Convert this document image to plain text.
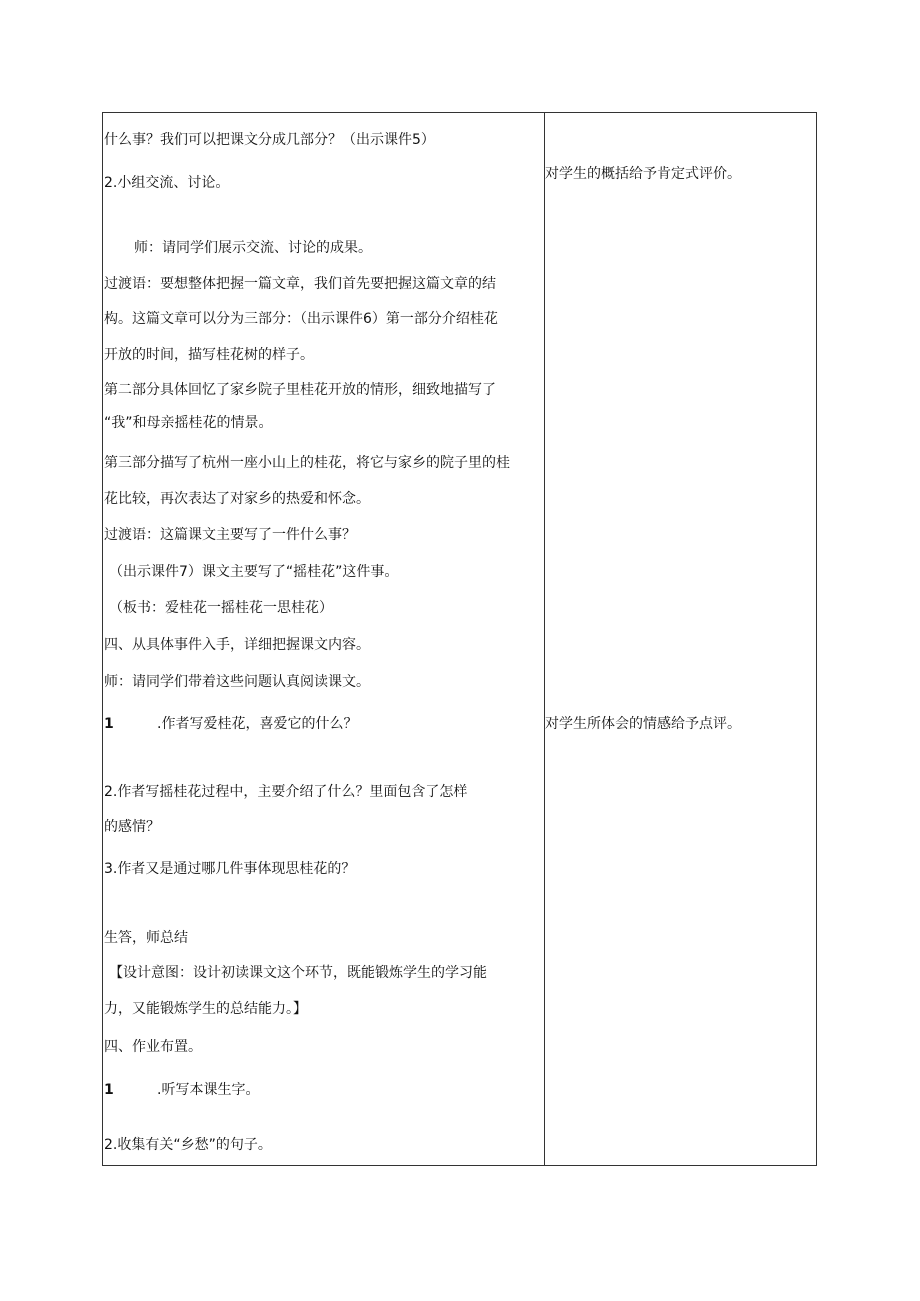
什么事？我们可以把课文分成几部分？（出示课件5）
2.小组交流、讨论。
师：请同学们展示交流、讨论的成果。
过渡语：要想整体把握一篇文章，我们首先要把握这篇文章的结
构。这篇文章可以分为三部分：（出示课件6）第一部分介绍桂花
开放的时间，描写桂花树的样子。
第二部分具体回忆了家乡院子里桂花开放的情形，细致地描写了
“我”和母亲摇桂花的情景。
第三部分描写了杭州一座小山上的桂花，将它与家乡的院子里的桂
花比较，再次表达了对家乡的热爱和怀念。
过渡语：这篇课文主要写了一件什么事？
（出示课件7）课文主要写了“摇桂花”这件事。
（板书：爱桂花一摇桂花一思桂花）
四、从具体事件入手，详细把握课文内容。
师：请同学们带着这些问题认真阅读课文。
1	.作者写爱桂花，喜爱它的什么？
2.作者写摇桂花过程中，主要介绍了什么？里面包含了怎样
的感情？
3.作者又是通过哪几件事体现思桂花的？
生答，师总结
【设计意图：设计初读课文这个环节，既能锻炼学生的学习能
力，又能锻炼学生的总结能力。】
四、作业布置。
1	.听写本课生字。
2.收集有关“乡愁”的句子。
对学生的概括给予肯定式评价。
对学生所体会的情感给予点评。
